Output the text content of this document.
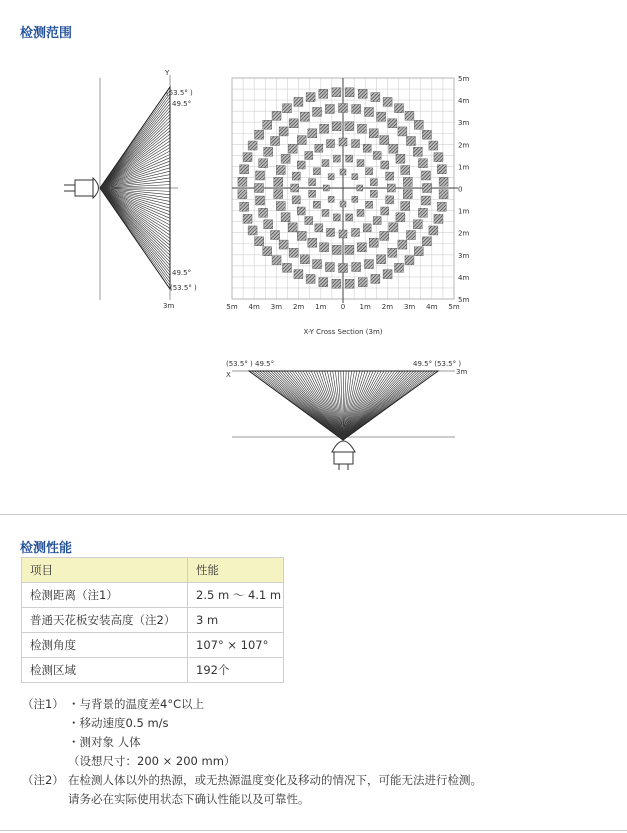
检测范围
Y
(53.5° )
49.5°
49.5°
(53.5° )
3m
5m
4m
3m
2m
1m
0
1m
2m
3m
4m
5m
5m 4m 3m 2m 1m 0 1m 2m 3m 4m 5m
X-Y Cross Section (3m)
(53.5° ) 49.5°
X
49.5° (53.5° )
3m
检测性能
项目	性能
检测距离（注1）	2.5 m ～ 4.1 m
普通天花板安装高度（注2）	3 m
检测角度	107° × 107°
检测区域	192个
（注1） ・与背景的温度差4°C以上
・移动速度0.5 m/s
・测对象 人体
（设想尺寸：200 × 200 mm）
（注2） 在检测人体以外的热源，或无热源温度变化及移动的情况下，可能无法进行检测。
请务必在实际使用状态下确认性能以及可靠性。
